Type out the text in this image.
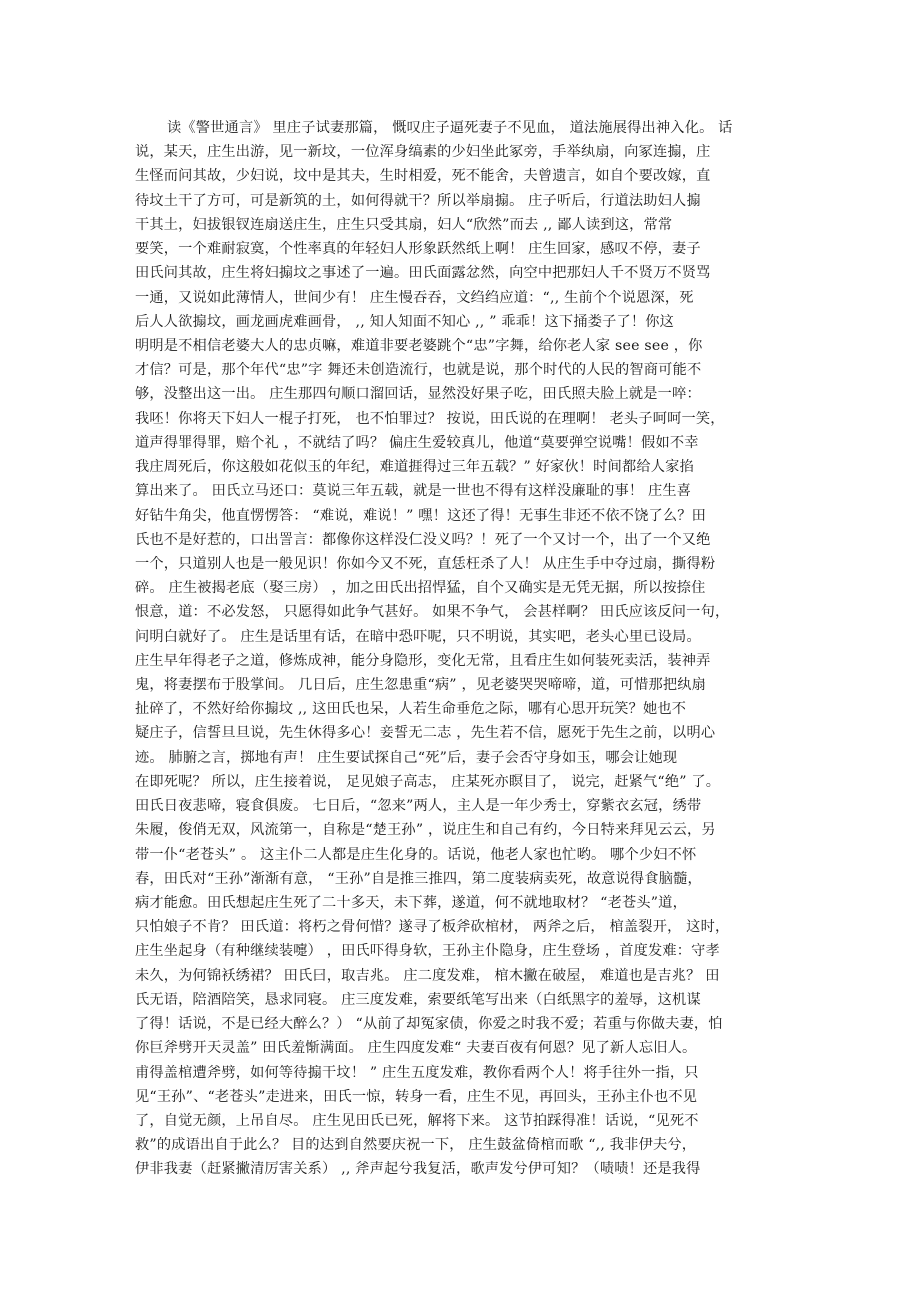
读《警世通言》 里庄子试妻那篇， 慨叹庄子逼死妻子不见血， 道法施展得出神入化。 话
说，某天，庄生出游，见一新坟，一位浑身缟素的少妇坐此冢旁，手举纨扇，向冢连搧，庄
生怪而问其故，少妇说，坟中是其夫，生时相爱，死不能舍，夫曾遗言，如自个要改嫁，直
待坟土干了方可，可是新筑的土，如何得就干？所以举扇搧。 庄子听后，行道法助妇人搧
干其土，妇拔银钗连扇送庄生，庄生只受其扇，妇人“欣然”而去 ,, 鄙人读到这，常常
要笑，一个难耐寂寞，个性率真的年轻妇人形象跃然纸上啊！ 庄生回家，感叹不停，妻子
田氏问其故，庄生将妇搧坟之事述了一遍。田氏面露忿然，向空中把那妇人千不贤万不贤骂
一通，又说如此薄情人，世间少有！ 庄生慢吞吞，文绉绉应道：“,, 生前个个说恩深，死
后人人欲搧坟，画龙画虎难画骨， ,, 知人知面不知心 ,, ” 乖乖！这下捅娄子了！你这
明明是不相信老婆大人的忠贞嘛，难道非要老婆跳个“忠”字舞，给你老人家 see see ，你
才信？可是，那个年代“忠”字 舞还未创造流行，也就是说，那个时代的人民的智商可能不
够，没整出这一出。 庄生那四句顺口溜回话，显然没好果子吃，田氏照夫脸上就是一啐：
我呸！你将天下妇人一棍子打死， 也不怕罪过？ 按说，田氏说的在理啊！ 老头子呵呵一笑，
道声得罪得罪，赔个礼 ，不就结了吗？ 偏庄生爱较真儿，他道“莫要弹空说嘴！假如不幸
我庄周死后，你这般如花似玉的年纪，难道捱得过三年五载？” 好家伙！时间都给人家掐
算出来了。 田氏立马还口：莫说三年五载，就是一世也不得有这样没廉耻的事！ 庄生喜
好钻牛角尖，他直愣愣答： “难说，难说！” 嘿！这还了得！无事生非还不依不饶了么？田
氏也不是好惹的，口出詈言：都像你这样没仁没义吗？！死了一个又讨一个，出了一个又绝
一个，只道别人也是一般见识！你如今又不死，直恁枉杀了人！ 从庄生手中夺过扇，撕得粉
碎。 庄生被揭老底（娶三房） ，加之田氏出招悍猛，自个又确实是无凭无据，所以按捺住
恨意，道：不必发怒， 只愿得如此争气甚好。 如果不争气， 会甚样啊？ 田氏应该反问一句，
问明白就好了。 庄生是话里有话，在暗中恐吓呢，只不明说，其实吧，老头心里已设局。
庄生早年得老子之道，修炼成神，能分身隐形，变化无常，且看庄生如何装死卖活，装神弄
鬼，将妻摆布于股掌间。 几日后，庄生忽患重“病” ，见老婆哭哭啼啼，道，可惜那把纨扇
扯碎了，不然好给你搧坟 ,, 这田氏也呆，人若生命垂危之际，哪有心思开玩笑？她也不
疑庄子，信誓旦旦说，先生休得多心！妾誓无二志 ，先生若不信，愿死于先生之前，以明心
迹。 肺腑之言，掷地有声！ 庄生要试探自己“死”后，妻子会否守身如玉，哪会让她现
在即死呢？ 所以，庄生接着说， 足见娘子高志， 庄某死亦瞑目了， 说完，赶紧气“绝” 了。
田氏日夜悲啼，寝食俱废。 七日后，“忽来”两人，主人是一年少秀士，穿紫衣玄冠，绣带
朱履，俊俏无双，风流第一，自称是“楚王孙” ，说庄生和自己有约，今日特来拜见云云，另
带一仆“老苍头” 。 这主仆二人都是庄生化身的。话说，他老人家也忙哟。 哪个少妇不怀
春，田氏对“王孙”渐渐有意， “王孙”自是推三推四，第二度装病卖死，故意说得食脑髓，
病才能愈。田氏想起庄生死了二十多天，未下葬，遂道，何不就地取材？ “老苍头”道，
只怕娘子不肯？ 田氏道：将朽之骨何惜？遂寻了板斧砍棺材， 两斧之后， 棺盖裂开， 这时，
庄生坐起身（有种继续装嚏） ，田氏吓得身软，王孙主仆隐身，庄生登场 ，首度发难：守孝
未久，为何锦袄绣裙？ 田氏曰，取吉兆。 庄二度发难， 棺木撇在破屋， 难道也是吉兆？ 田
氏无语，陪酒陪笑，恳求同寝。 庄三度发难，索要纸笔写出来（白纸黑字的羞辱，这机谋
了得！话说，不是已经大醉么？） “从前了却冤家债，你爱之时我不爱；若重与你做夫妻，怕
你巨斧劈开天灵盖” 田氏羞惭满面。 庄生四度发难“ 夫妻百夜有何恩？见了新人忘旧人。
甫得盖棺遭斧劈，如何等待搧干坟！ ” 庄生五度发难，教你看两个人！将手往外一指，只
见“王孙”、“老苍头”走进来，田氏一惊，转身一看，庄生不见，再回头，王孙主仆也不见
了，自觉无颜，上吊自尽。 庄生见田氏已死，解将下来。 这节拍踩得准！话说，“见死不
救”的成语出自于此么？ 目的达到自然要庆祝一下， 庄生鼓盆倚棺而歌 “,, 我非伊夫兮，
伊非我妻（赶紧撇清厉害关系） ,, 斧声起兮我复活，歌声发兮伊可知？（啧啧！还是我得
